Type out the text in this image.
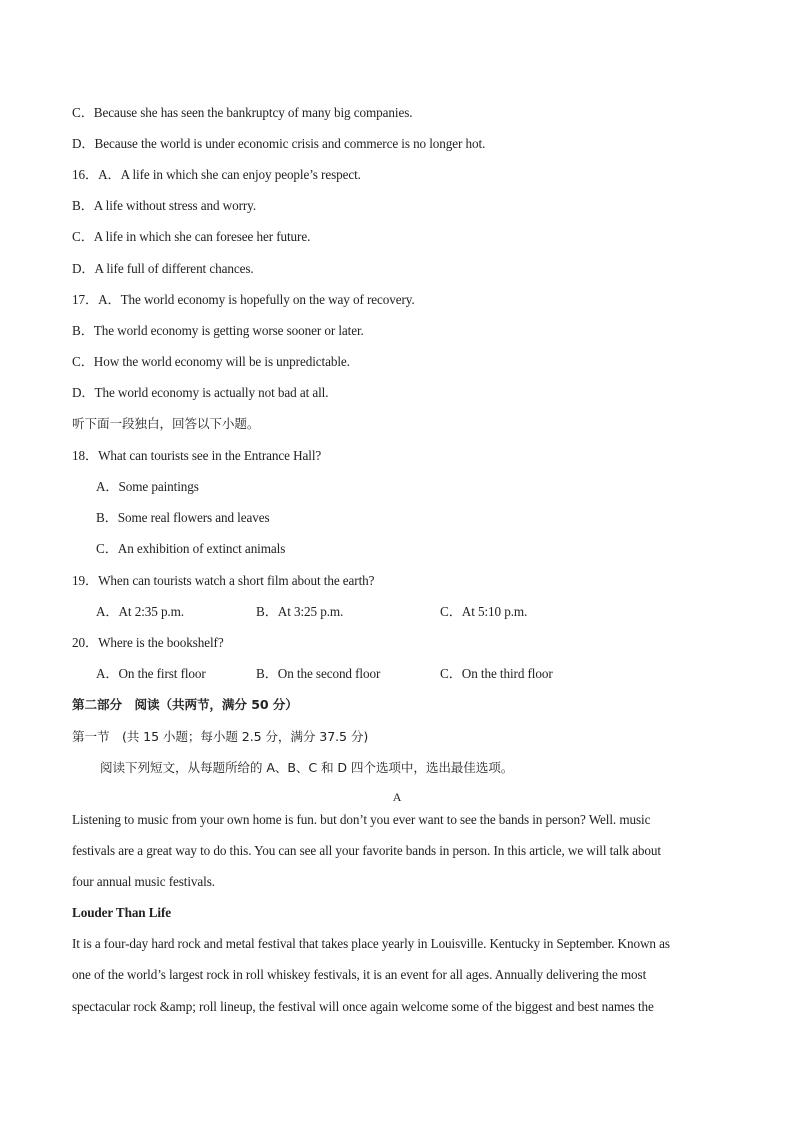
C．Because she has seen the bankruptcy of many big companies.
D．Because the world is under economic crisis and commerce is no longer hot.
16．A．A life in which she can enjoy people’s respect.
B．A life without stress and worry.
C．A life in which she can foresee her future.
D．A life full of different chances.
17．A．The world economy is hopefully on the way of recovery.
B．The world economy is getting worse sooner or later.
C．How the world economy will be is unpredictable.
D．The world economy is actually not bad at all.
听下面一段独白，回答以下小题。
18．What can tourists see in the Entrance Hall?
A．Some paintings
B．Some real flowers and leaves
C．An exhibition of extinct animals
19．When can tourists watch a short film about the earth?
A．At 2:35 p.m.	B．At 3:25 p.m.	C．At 5:10 p.m.
20．Where is the bookshelf?
A．On the first floor	B．On the second floor	C．On the third floor
第二部分　阅读（共两节，满分 50 分）
第一节　(共 15 小题；每小题 2.5 分，满分 37.5 分)
阅读下列短文，从每题所给的 A、B、C 和 D 四个选项中，选出最佳选项。
A
Listening to music from your own home is fun. but don’t you ever want to see the bands in person? Well. music
festivals are a great way to do this. You can see all your favorite bands in person. In this article, we will talk about
four annual music festivals.
Louder Than Life
It is a four-day hard rock and metal festival that takes place yearly in Louisville. Kentucky in September. Known as
one of the world’s largest rock in roll whiskey festivals, it is an event for all ages. Annually delivering the most
spectacular rock &amp; roll lineup, the festival will once again welcome some of the biggest and best names the
